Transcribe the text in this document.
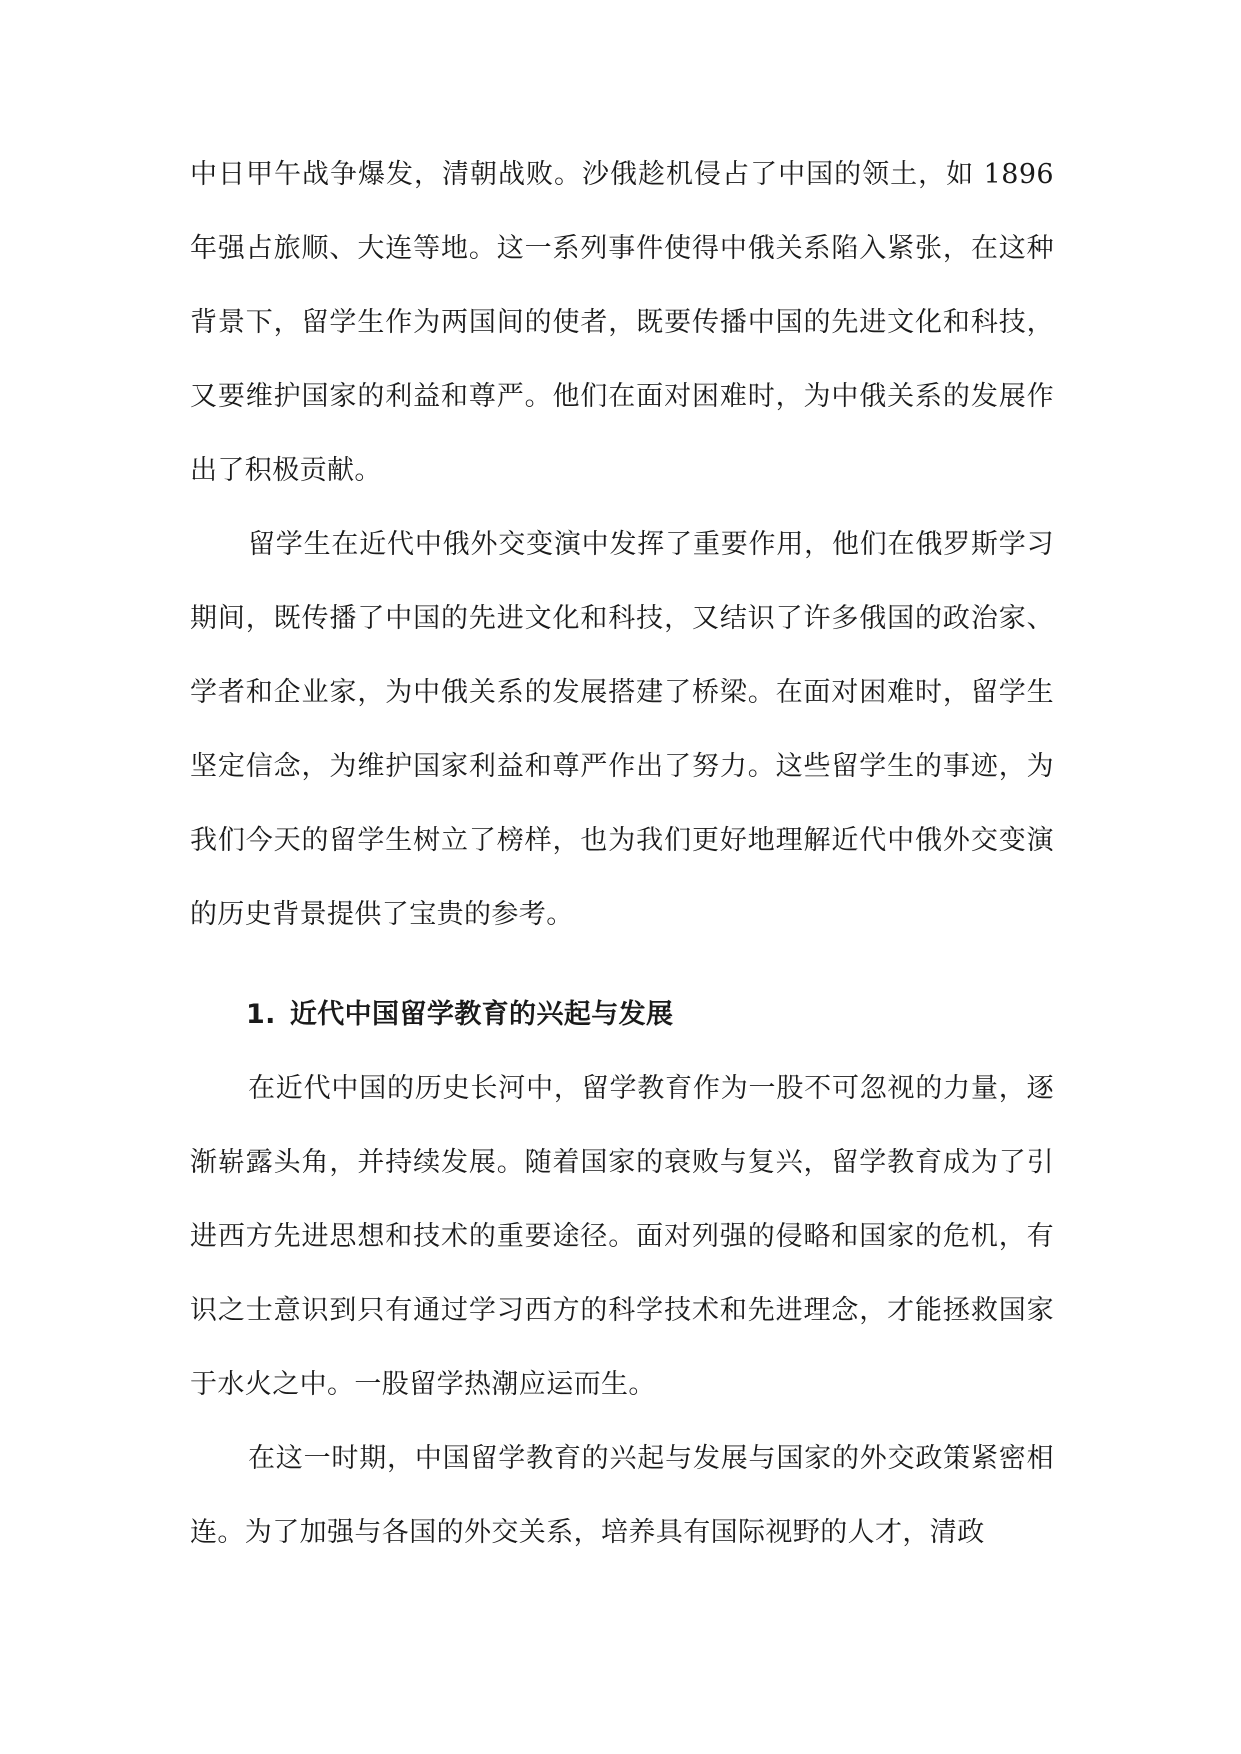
中日甲午战争爆发，清朝战败。沙俄趁机侵占了中国的领土，如 1896 年强占旅顺、大连等地。这一系列事件使得中俄关系陷入紧张，在这种背景下，留学生作为两国间的使者，既要传播中国的先进文化和科技，又要维护国家的利益和尊严。他们在面对困难时，为中俄关系的发展作出了积极贡献。

留学生在近代中俄外交变演中发挥了重要作用，他们在俄罗斯学习期间，既传播了中国的先进文化和科技，又结识了许多俄国的政治家、学者和企业家，为中俄关系的发展搭建了桥梁。在面对困难时，留学生坚定信念，为维护国家利益和尊严作出了努力。这些留学生的事迹，为我们今天的留学生树立了榜样，也为我们更好地理解近代中俄外交变演的历史背景提供了宝贵的参考。

1. 近代中国留学教育的兴起与发展

在近代中国的历史长河中，留学教育作为一股不可忽视的力量，逐渐崭露头角，并持续发展。随着国家的衰败与复兴，留学教育成为了引进西方先进思想和技术的重要途径。面对列强的侵略和国家的危机，有识之士意识到只有通过学习西方的科学技术和先进理念，才能拯救国家于水火之中。一股留学热潮应运而生。

在这一时期，中国留学教育的兴起与发展与国家的外交政策紧密相连。为了加强与各国的外交关系，培养具有国际视野的人才，清政
